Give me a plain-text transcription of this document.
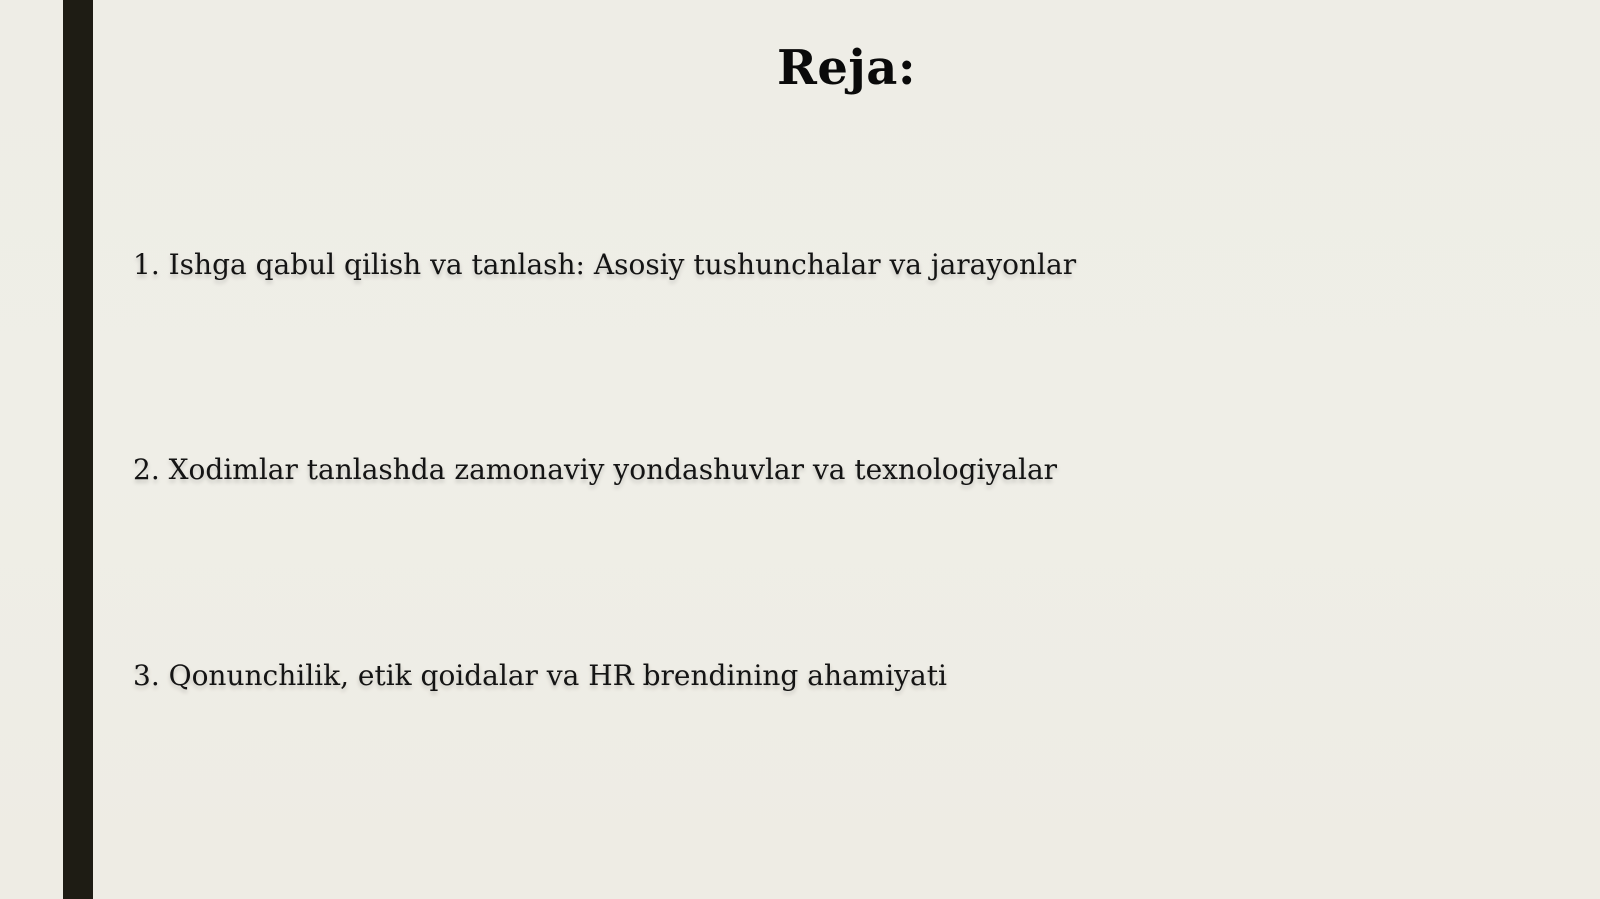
Reja:
1. Ishga qabul qilish va tanlash: Asosiy tushunchalar va jarayonlar
2. Xodimlar tanlashda zamonaviy yondashuvlar va texnologiyalar
3. Qonunchilik, etik qoidalar va HR brendining ahamiyati
